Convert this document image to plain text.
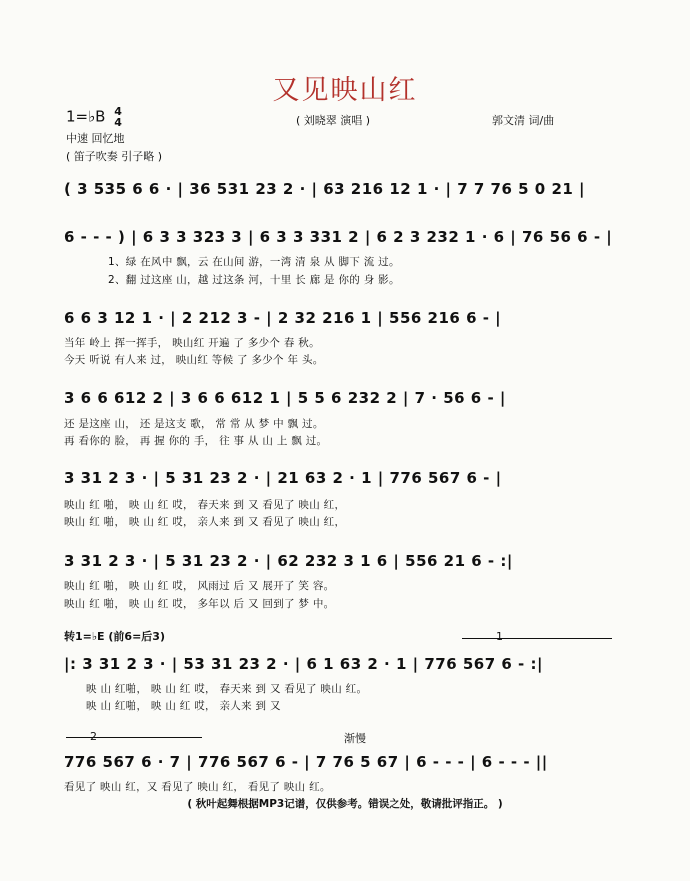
又见映山红
1=♭B 4
4
中速 回忆地
( 笛子吹奏 引子略 )
( 刘晓翠 演唱 )	郭文清 词/曲
( 3 535 6 6 · | 36 531 23 2 · | 63 216 12 1 · | 7 7 76 5 0 21 |
6 - - - ) | 6 3 3 323 3 | 6 3 3 331 2 | 6 2 3 232 1 · 6 | 76 56 6 - |
1、绿 在风中 飘，云 在山间 游，一湾 清 泉 从 脚下 流 过。
2、翻 过这座 山，越 过这条 河，十里 长 廊 是 你的 身 影。
6 6 3 12 1 · | 2 212 3 - | 2 32 216 1 | 556 216 6 - |
当年 岭上 挥一挥手， 映山红 开遍 了 多少个 春 秋。
今天 听说 有人来 过， 映山红 等候 了 多少个 年 头。
3 6 6 612 2 | 3 6 6 612 1 | 5 5 6 232 2 | 7 · 56 6 - |
还 是这座 山， 还 是这支 歌， 常 常 从 梦 中 飘 过。
再 看你的 脸， 再 握 你的 手， 往 事 从 山 上 飘 过。
3 31 2 3 · | 5 31 23 2 · | 21 63 2 · 1 | 776 567 6 - |
映山 红 啪， 映 山 红 哎， 春天来 到 又 看见了 映山 红，
映山 红 啪， 映 山 红 哎， 亲人来 到 又 看见了 映山 红，
3 31 2 3 · | 5 31 23 2 · | 62 232 3 1 6 | 556 21 6 - :|
映山 红 啪， 映 山 红 哎， 风雨过 后 又 展开了 笑 容。
映山 红 啪， 映 山 红 哎， 多年以 后 又 回到了 梦 中。
转1=♭E (前6=后3)	1
|: 3 31 2 3 · | 53 31 23 2 · | 6 1 63 2 · 1 | 776 567 6 - :|
映 山 红啪， 映 山 红 哎， 春天来 到 又 看见了 映山 红。
映 山 红啪， 映 山 红 哎， 亲人来 到 又
2	渐慢
776 567 6 · 7 | 776 567 6 - | 7 76 5 67 | 6 - - - | 6 - - - ||
看见了 映山 红，又 看见了 映山 红， 看见了 映山 红。
( 秋叶起舞根据MP3记谱，仅供参考。错误之处，敬请批评指正。 )
